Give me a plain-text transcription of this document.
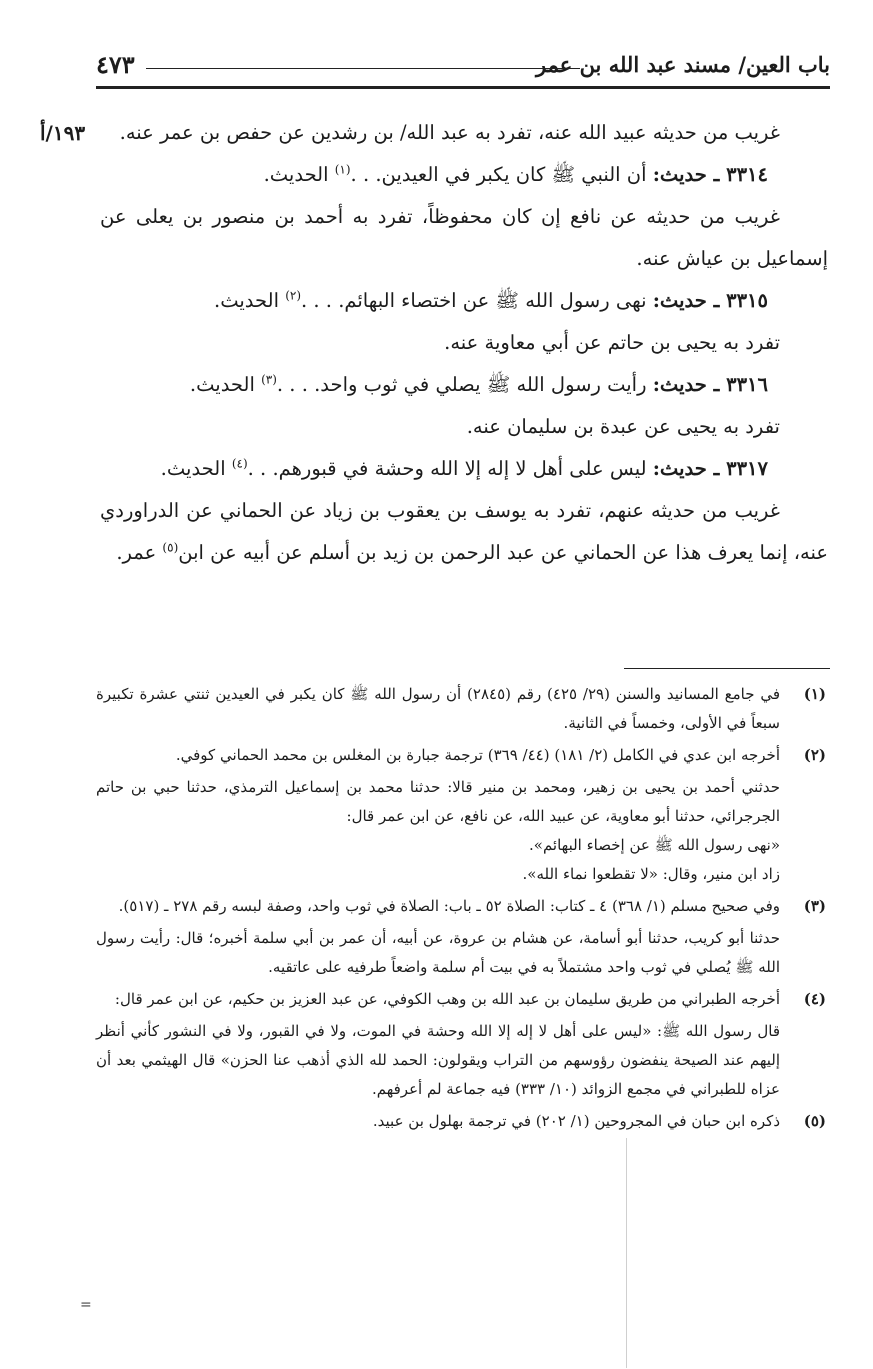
باب العين/ مسند عبد الله بن عمر
٤٧٣
١٩٣/أ	غريب من حديثه عبيد الله عنه، تفرد به عبد الله/ بن رشدين عن حفص بن عمر عنه.

٣٣١٤ ـ حديث: أن النبي ﷺ كان يكبر في العيدين. . .$^{(١)}$ الحديث.

غريب من حديثه عن نافع إن كان محفوظاً، تفرد به أحمد بن منصور بن يعلى عن إسماعيل بن عياش عنه.

٣٣١٥ ـ حديث: نهى رسول الله ﷺ عن اختصاء البهائم. . . .$^{(٢)}$ الحديث.

تفرد به يحيى بن حاتم عن أبي معاوية عنه.

٣٣١٦ ـ حديث: رأيت رسول الله ﷺ يصلي في ثوب واحد. . . .$^{(٣)}$ الحديث.

تفرد به يحيى عن عبدة بن سليمان عنه.

٣٣١٧ ـ حديث: ليس على أهل لا إله إلا الله وحشة في قبورهم. . .$^{(٤)}$ الحديث.

غريب من حديثه عنهم، تفرد به يوسف بن يعقوب بن زياد عن الحماني عن الدراوردي عنه، إنما يعرف هذا عن الحماني عن عبد الرحمن بن زيد بن أسلم عن أبيه عن ابن$^{(٥)}$ عمر.

(١)

في جامع المسانيد والسنن (٢٩/ ٤٢٥) رقم (٢٨٤٥) أن رسول الله ﷺ كان يكبر في العيدين ثنتي عشرة تكبيرة سبعاً في الأولى، وخمساً في الثانية.

(٢)

أخرجه ابن عدي في الكامل (٢/ ١٨١) (٤٤/ ٣٦٩) ترجمة جبارة بن المغلس بن محمد الحماني كوفي.

حدثني أحمد بن يحيى بن زهير، ومحمد بن منير قالا: حدثنا محمد بن إسماعيل الترمذي، حدثنا حبي بن حاتم الجرجرائي، حدثنا أبو معاوية، عن عبيد الله، عن نافع، عن ابن عمر قال:

«نهى رسول الله ﷺ عن إخصاء البهائم».

زاد ابن منير، وقال: «لا تقطعوا نماء الله».

(٣)

وفي صحيح مسلم (١/ ٣٦٨) ٤ ـ كتاب: الصلاة ٥٢ ـ باب: الصلاة في ثوب واحد، وصفة لبسه رقم ٢٧٨ ـ (٥١٧).

حدثنا أبو كريب، حدثنا أبو أسامة، عن هشام بن عروة، عن أبيه، أن عمر بن أبي سلمة أخبره؛ قال: رأيت رسول الله ﷺ يُصلي في ثوب واحد مشتملاً به في بيت أم سلمة واضعاً طرفيه على عاتقيه.

(٤)

أخرجه الطبراني من طريق سليمان بن عبد الله بن وهب الكوفي، عن عبد العزيز بن حكيم، عن ابن عمر قال:

قال رسول الله ﷺ: «ليس على أهل لا إله إلا الله وحشة في الموت، ولا في القبور، ولا في النشور كأني أنظر إليهم عند الصيحة ينفضون رؤوسهم من التراب ويقولون: الحمد لله الذي أذهب عنا الحزن» قال الهيثمي بعد أن عزاه للطبراني في مجمع الزوائد (١٠/ ٣٣٣) فيه جماعة لم أعرفهم.

(٥)

ذكره ابن حبان في المجروحين (١/ ٢٠٢) في ترجمة بهلول بن عبيد.

=
